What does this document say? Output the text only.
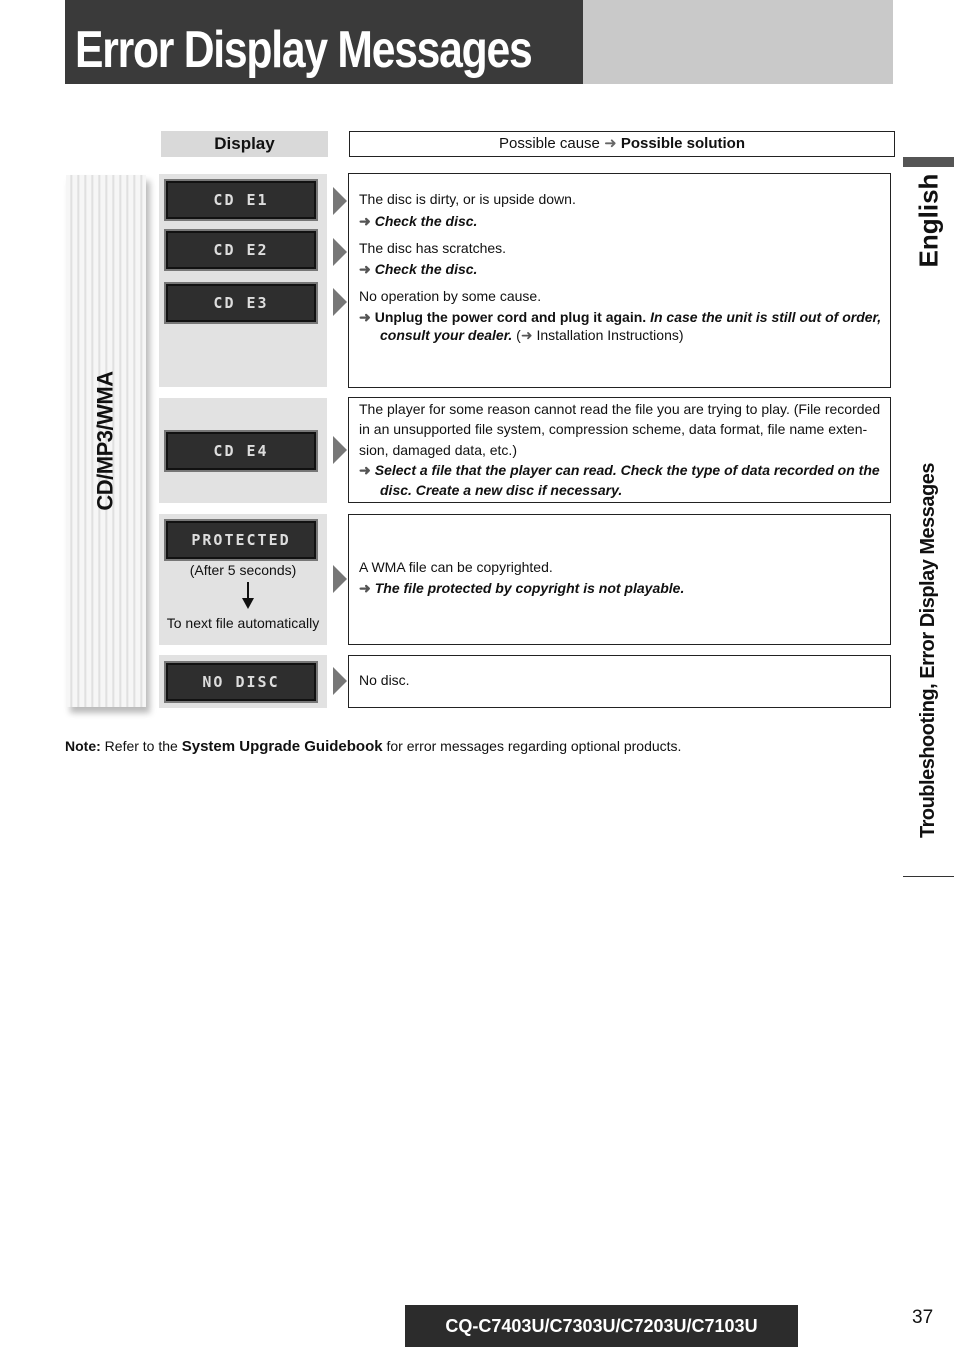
Error Display Messages
Display	Possible cause ➜ Possible solution
CD/MP3/WMA
CD E1
CD E2
CD E3
CD E4
PROTECTED
NO DISC
(After 5 seconds)
To next file automatically
The disc is dirty, or is upside down.
➜ Check the disc.
The disc has scratches.
➜ Check the disc.
No operation by some cause.
➜ Unplug the power cord and plug it again. In case the unit is still out of order,
consult your dealer. (➜ Installation Instructions)
The player for some reason cannot read the file you are trying to play. (File recorded
in an unsupported file system, compression scheme, data format, file name exten-
sion, damaged data, etc.)
➜ Select a file that the player can read. Check the type of data recorded on the
disc. Create a new disc if necessary.
A WMA file can be copyrighted.
➜ The file protected by copyright is not playable.
No disc.
Note: Refer to the System Upgrade Guidebook for error messages regarding optional products.
English
Troubleshooting, Error Display Messages
CQ-C7403U/C7303U/C7203U/C7103U	37
